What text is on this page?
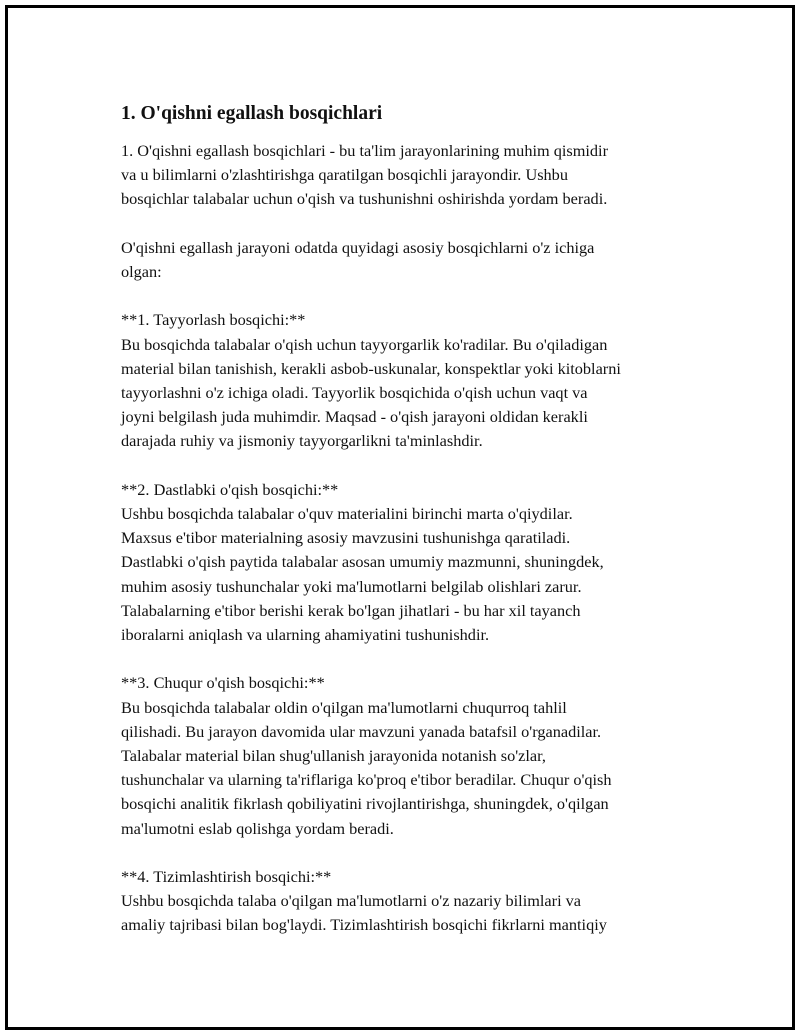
1. O'qishni egallash bosqichlari
1. O'qishni egallash bosqichlari - bu ta'lim jarayonlarining muhim qismidir
va u bilimlarni o'zlashtirishga qaratilgan bosqichli jarayondir. Ushbu
bosqichlar talabalar uchun o'qish va tushunishni oshirishda yordam beradi.
O'qishni egallash jarayoni odatda quyidagi asosiy bosqichlarni o'z ichiga
olgan:
**1. Tayyorlash bosqichi:**
Bu bosqichda talabalar o'qish uchun tayyorgarlik ko'radilar. Bu o'qiladigan
material bilan tanishish, kerakli asbob-uskunalar, konspektlar yoki kitoblarni
tayyorlashni o'z ichiga oladi. Tayyorlik bosqichida o'qish uchun vaqt va
joyni belgilash juda muhimdir. Maqsad - o'qish jarayoni oldidan kerakli
darajada ruhiy va jismoniy tayyorgarlikni ta'minlashdir.
**2. Dastlabki o'qish bosqichi:**
Ushbu bosqichda talabalar o'quv materialini birinchi marta o'qiydilar.
Maxsus e'tibor materialning asosiy mavzusini tushunishga qaratiladi.
Dastlabki o'qish paytida talabalar asosan umumiy mazmunni, shuningdek,
muhim asosiy tushunchalar yoki ma'lumotlarni belgilab olishlari zarur.
Talabalarning e'tibor berishi kerak bo'lgan jihatlari - bu har xil tayanch
iboralarni aniqlash va ularning ahamiyatini tushunishdir.
**3. Chuqur o'qish bosqichi:**
Bu bosqichda talabalar oldin o'qilgan ma'lumotlarni chuqurroq tahlil
qilishadi. Bu jarayon davomida ular mavzuni yanada batafsil o'rganadilar.
Talabalar material bilan shug'ullanish jarayonida notanish so'zlar,
tushunchalar va ularning ta'riflariga ko'proq e'tibor beradilar. Chuqur o'qish
bosqichi analitik fikrlash qobiliyatini rivojlantirishga, shuningdek, o'qilgan
ma'lumotni eslab qolishga yordam beradi.
**4. Tizimlashtirish bosqichi:**
Ushbu bosqichda talaba o'qilgan ma'lumotlarni o'z nazariy bilimlari va
amaliy tajribasi bilan bog'laydi. Tizimlashtirish bosqichi fikrlarni mantiqiy
